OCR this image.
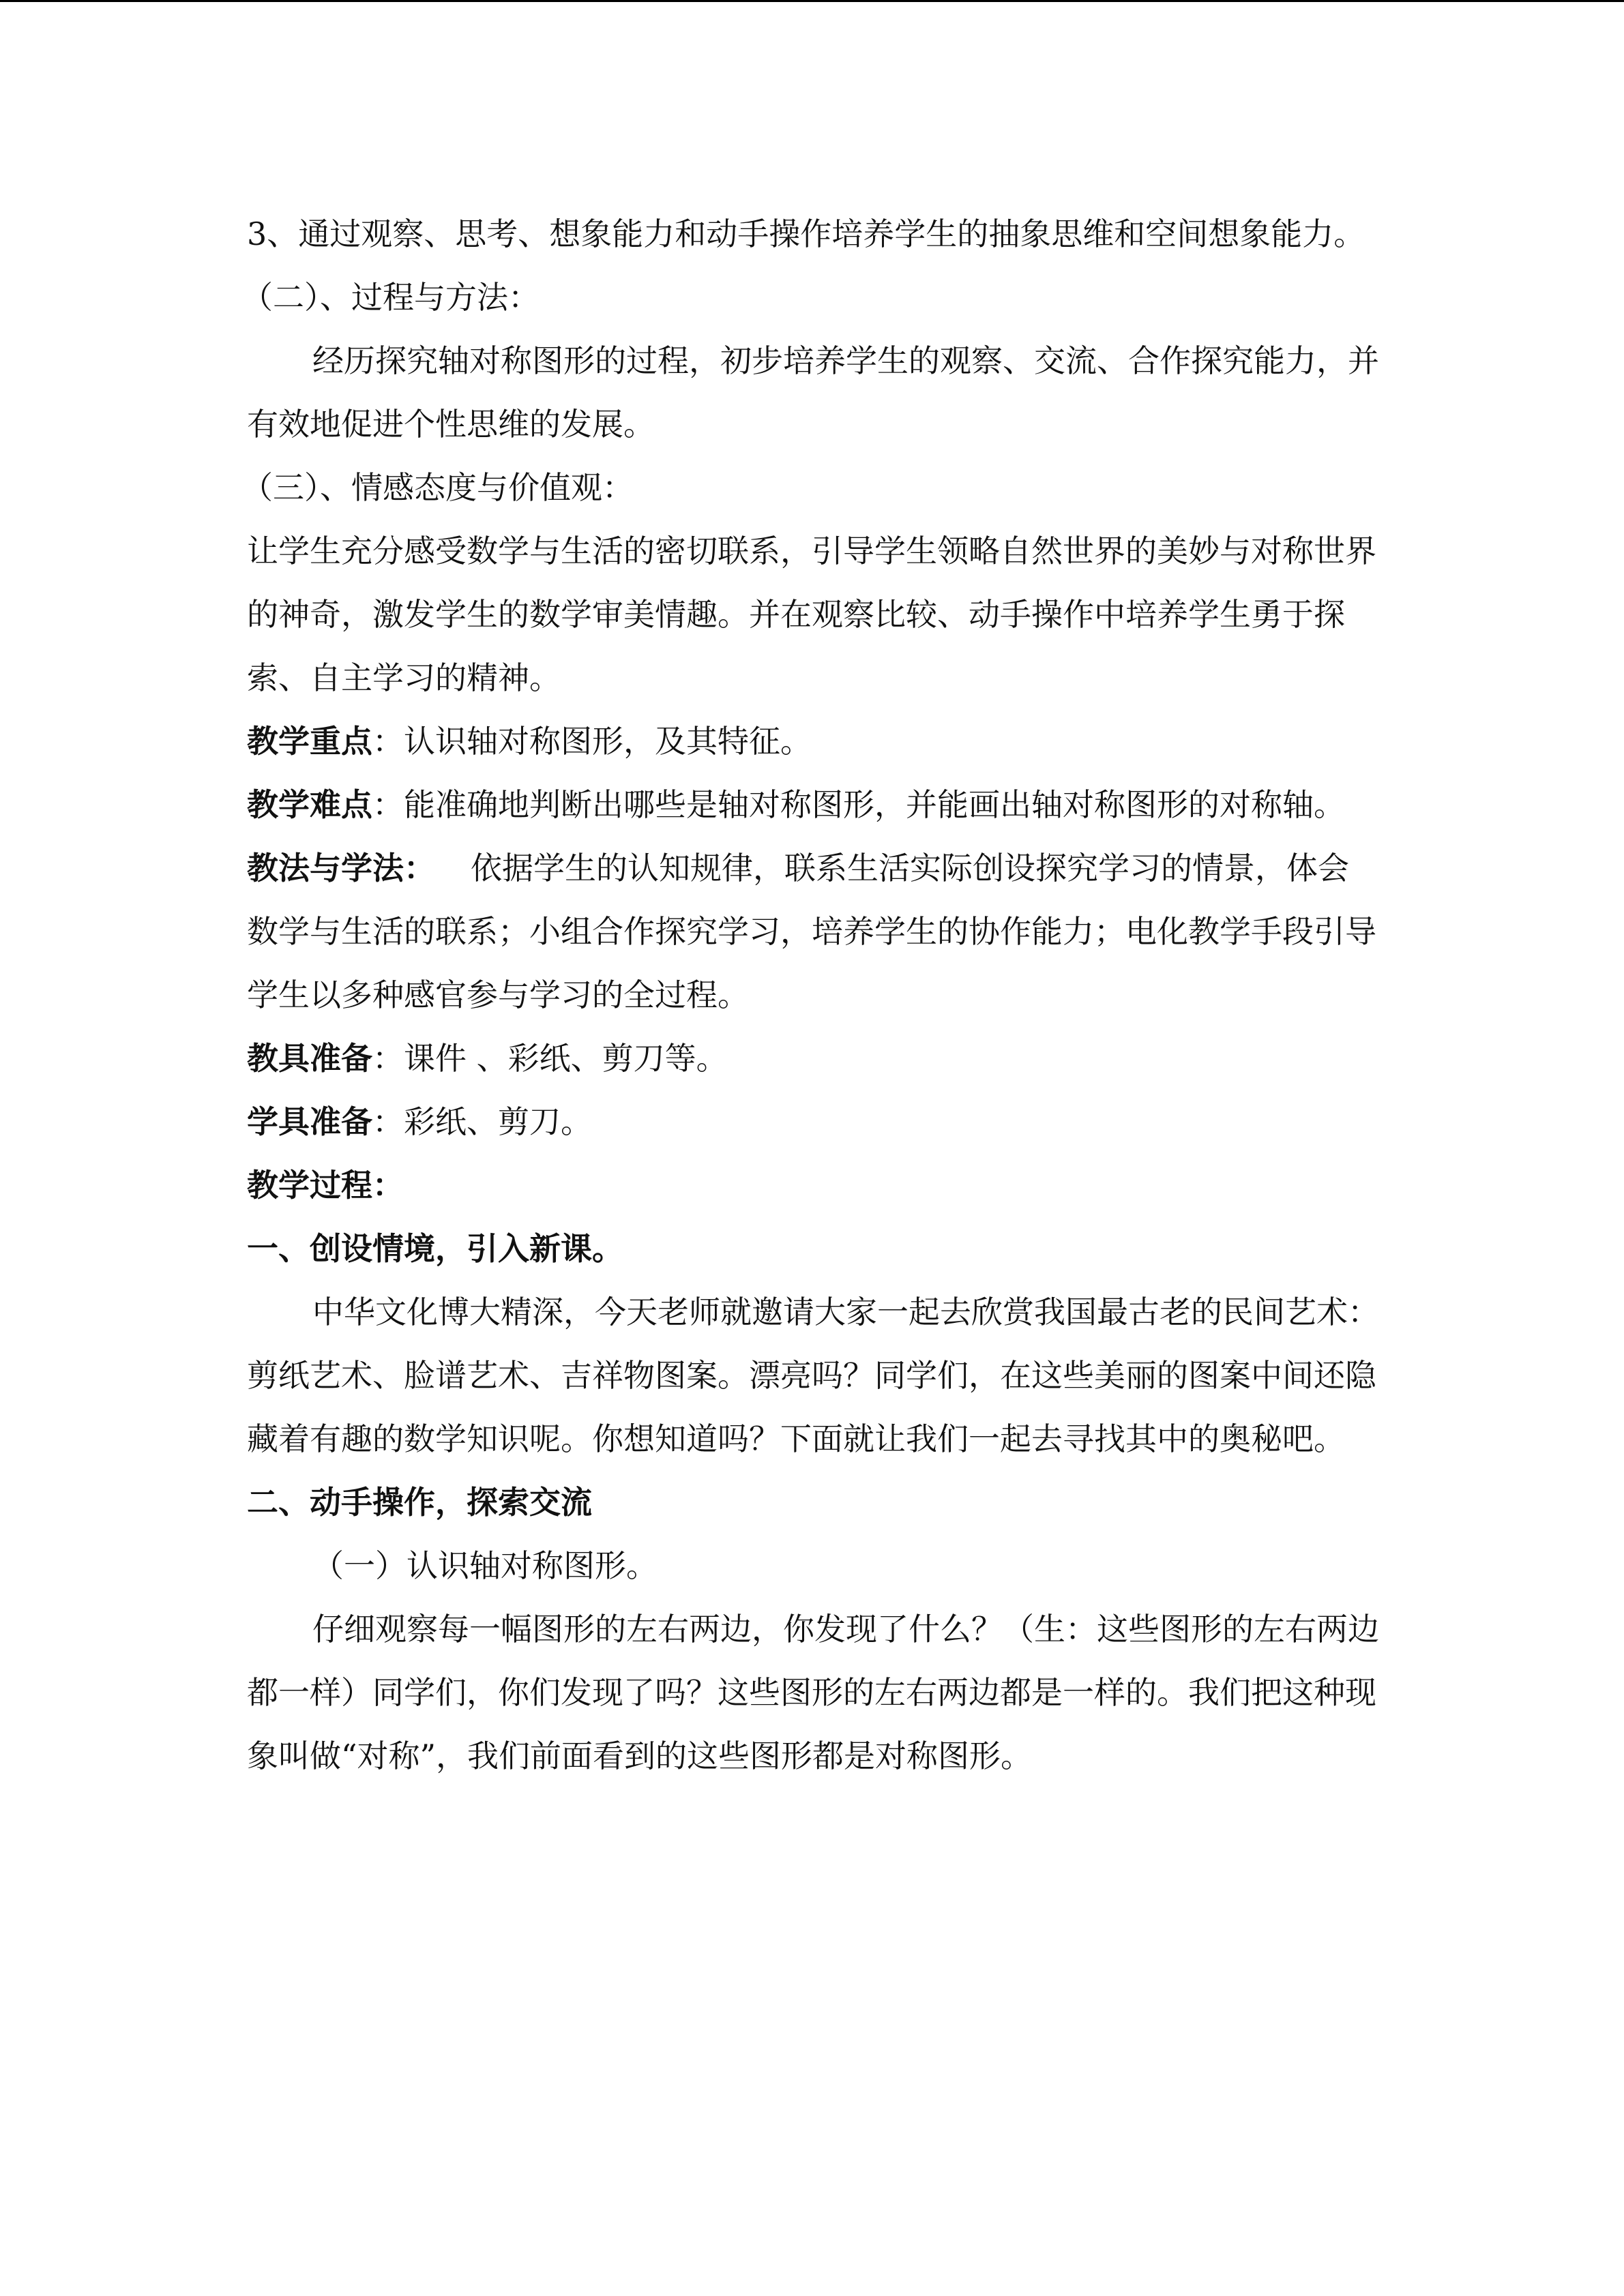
3、通过观察、思考、想象能力和动手操作培养学生的抽象思维和空间想象能力。

（二）、过程与方法：

经历探究轴对称图形的过程，初步培养学生的观察、交流、合作探究能力，并有效地促进个性思维的发展。

（三）、情感态度与价值观：

让学生充分感受数学与生活的密切联系，引导学生领略自然世界的美妙与对称世界的神奇，激发学生的数学审美情趣。并在观察比较、动手操作中培养学生勇于探索、自主学习的精神。

教学重点：认识轴对称图形，及其特征。

教学难点：能准确地判断出哪些是轴对称图形，并能画出轴对称图形的对称轴。

教法与学法： 依据学生的认知规律，联系生活实际创设探究学习的情景，体会数学与生活的联系；小组合作探究学习，培养学生的协作能力；电化教学手段引导学生以多种感官参与学习的全过程。

教具准备：课件 、彩纸、剪刀等。

学具准备：彩纸、剪刀。

教学过程：

一、创设情境，引入新课。

中华文化博大精深，今天老师就邀请大家一起去欣赏我国最古老的民间艺术：剪纸艺术、脸谱艺术、吉祥物图案。漂亮吗？同学们，在这些美丽的图案中间还隐藏着有趣的数学知识呢。你想知道吗？下面就让我们一起去寻找其中的奥秘吧。

二、动手操作，探索交流

（一）认识轴对称图形。

仔细观察每一幅图形的左右两边，你发现了什么？（生：这些图形的左右两边都一样）同学们，你们发现了吗？这些图形的左右两边都是一样的。我们把这种现象叫做“对称”，我们前面看到的这些图形都是对称图形。
